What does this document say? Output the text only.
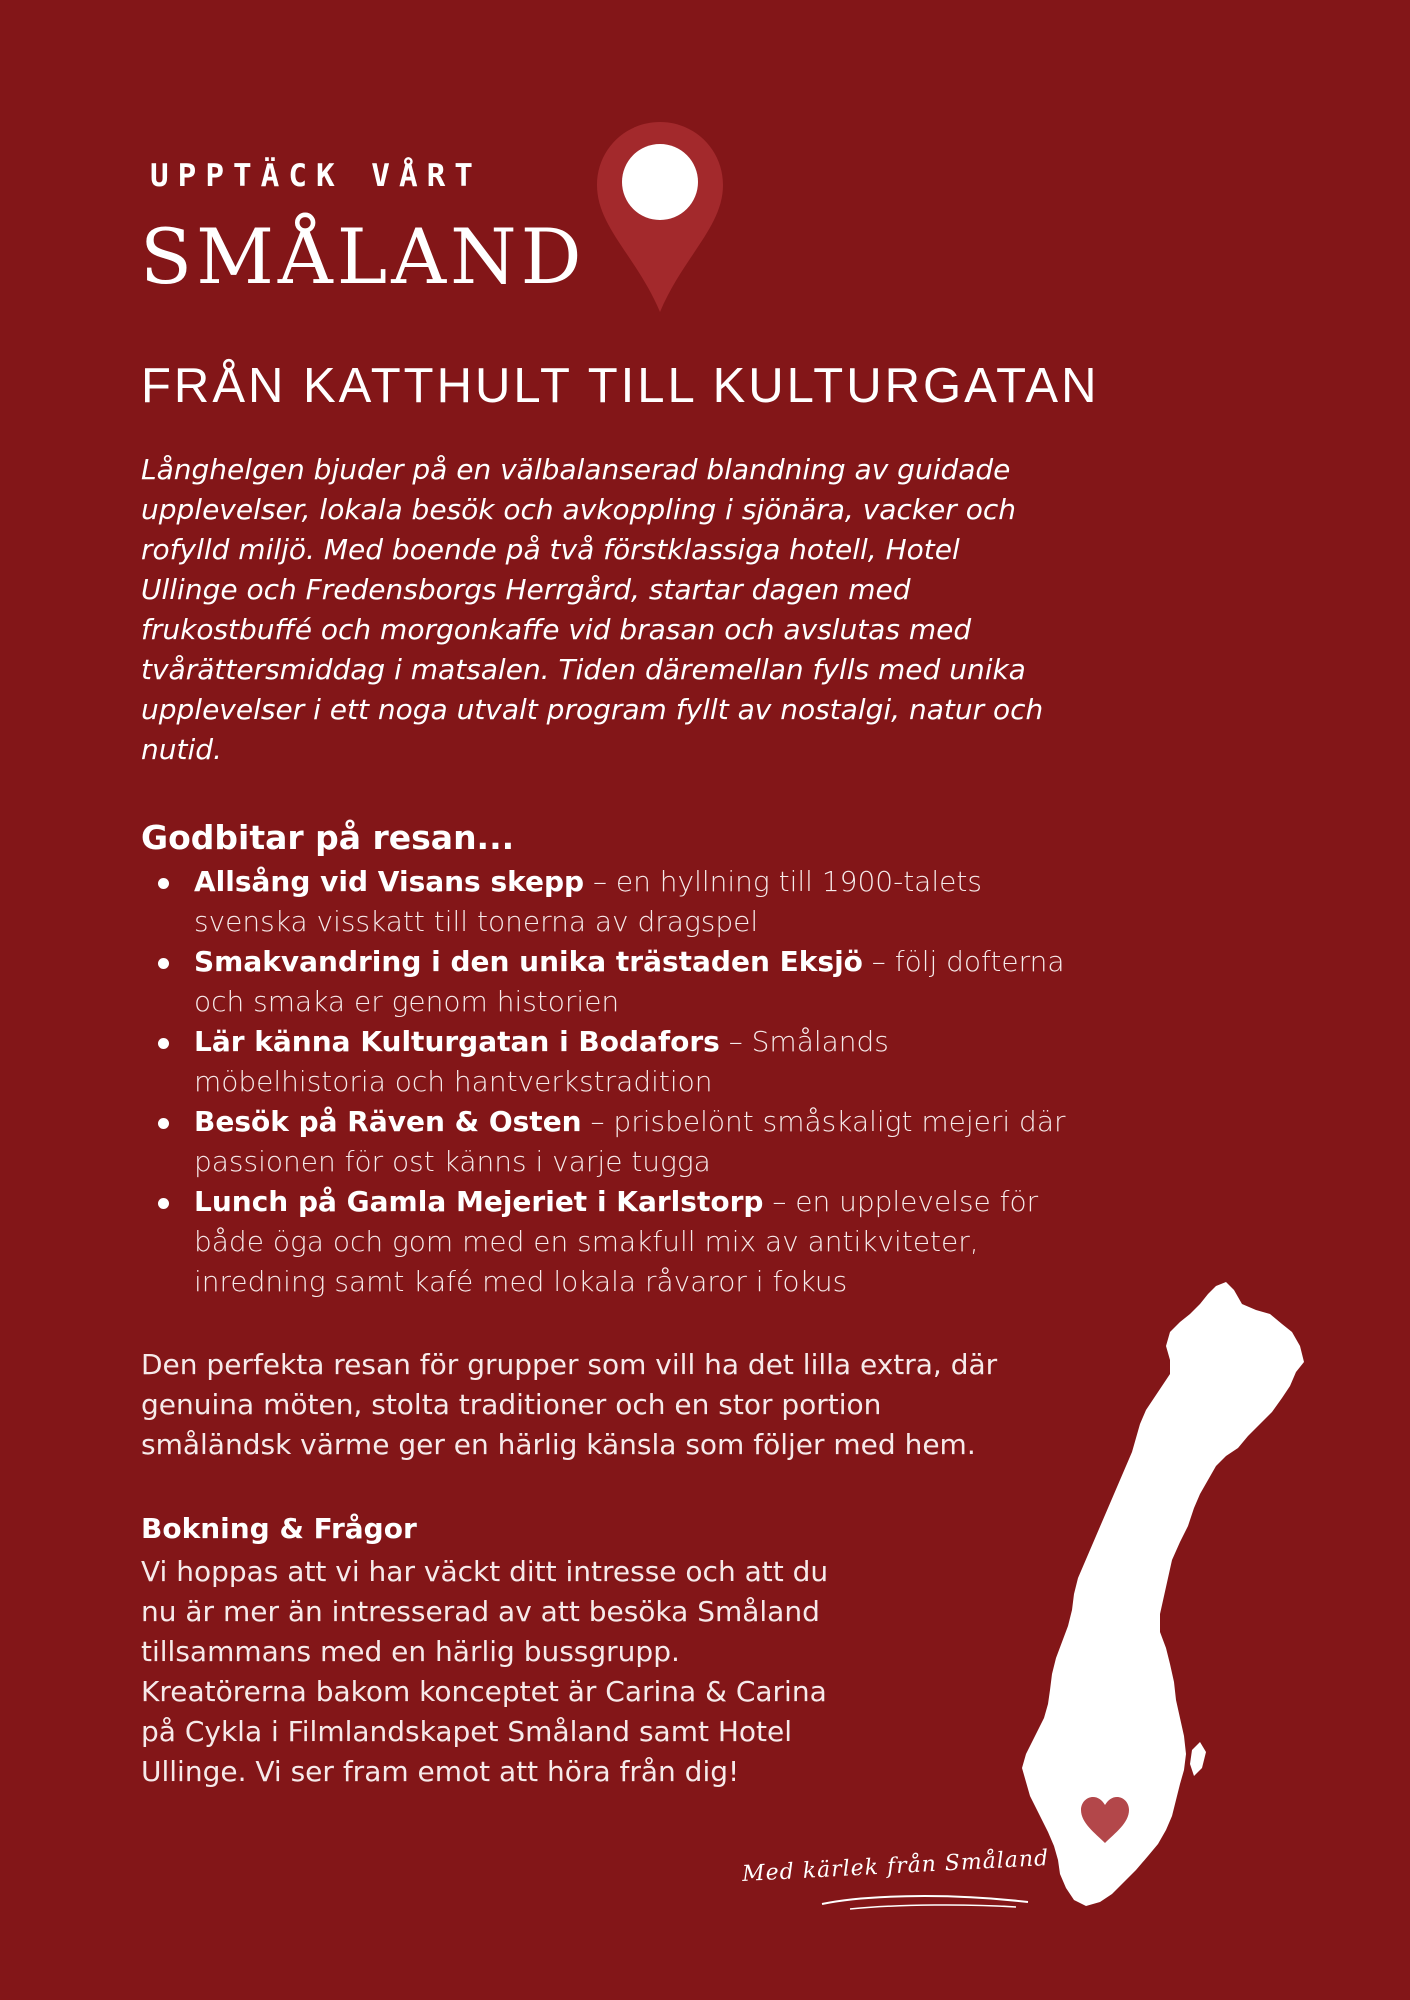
UPPTÄCK VÅRT
SMÅLAND
FRÅN KATTHULT TILL KULTURGATAN

Långhelgen bjuder på en välbalanserad blandning av guidade upplevelser, lokala besök och avkoppling i sjönära, vacker och rofylld miljö. Med boende på två förstklassiga hotell, Hotel Ullinge och Fredensborgs Herrgård, startar dagen med frukostbuffé och morgonkaffe vid brasan och avslutas med tvårättersmiddag i matsalen. Tiden däremellan fylls med unika upplevelser i ett noga utvalt program fyllt av nostalgi, natur och nutid.

Godbitar på resan...
Allsång vid Visans skepp – en hyllning till 1900-talets svenska visskatt till tonerna av dragspel
Smakvandring i den unika trästaden Eksjö – följ dofterna och smaka er genom historien
Lär känna Kulturgatan i Bodafors – Smålands möbelhistoria och hantverkstradition
Besök på Räven & Osten – prisbelönt småskaligt mejeri där passionen för ost känns i varje tugga
Lunch på Gamla Mejeriet i Karlstorp – en upplevelse för både öga och gom med en smakfull mix av antikviteter, inredning samt kafé med lokala råvaror i fokus

Den perfekta resan för grupper som vill ha det lilla extra, där genuina möten, stolta traditioner och en stor portion småländsk värme ger en härlig känsla som följer med hem.

Bokning & Frågor

Vi hoppas att vi har väckt ditt intresse och att du nu är mer än intresserad av att besöka Småland tillsammans med en härlig bussgrupp. Kreatörerna bakom konceptet är Carina & Carina på Cykla i Filmlandskapet Småland samt Hotel Ullinge. Vi ser fram emot att höra från dig!

Med kärlek från Småland
